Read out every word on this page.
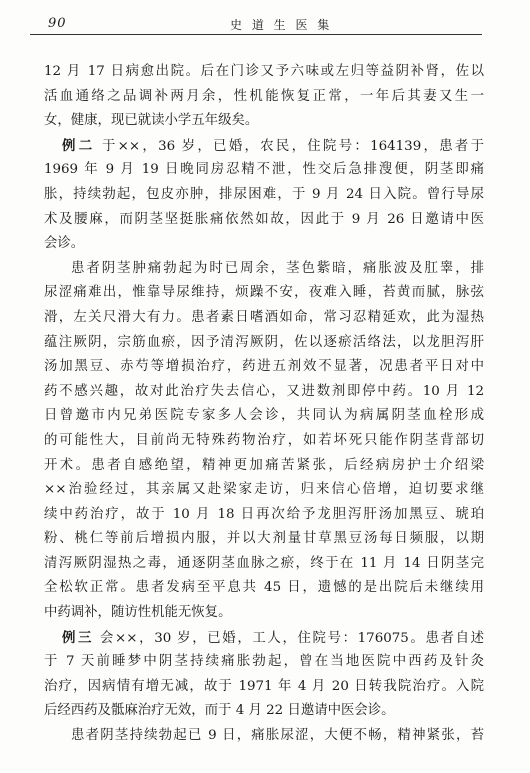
90	史 道 生 医 集
12 月 17 日病愈出院。后在门诊又予六味或左归等益阴补肾，佐以
活血通络之品调补两月余，性机能恢复正常，一年后其妻又生一
女，健康，现已就读小学五年级矣。
例二 于××，36 岁，已婚，农民，住院号：164139，患者于
1969 年 9 月 19 日晚同房忍精不泄，性交后急排溲便，阴茎即痛
胀，持续勃起，包皮亦肿，排尿困难，于 9 月 24 日入院。曾行导尿
术及腰麻，而阴茎坚挺胀痛依然如故，因此于 9 月 26 日邀请中医
会诊。
患者阴茎肿痛勃起为时已周余，茎色紫暗，痛胀波及肛睾，排
尿涩痛难出，惟靠导尿维持，烦躁不安，夜难入睡，苔黄而腻，脉弦
滑，左关尺滑大有力。患者素日嗜酒如命，常习忍精延欢，此为湿热
蕴注厥阴，宗筋血瘀，因予清泻厥阴，佐以逐瘀活络法，以龙胆泻肝
汤加黑豆、赤芍等增损治疗，药进五剂效不显著，况患者平日对中
药不感兴趣，故对此治疗失去信心，又进数剂即停中药。10 月 12
日曾邀市内兄弟医院专家多人会诊，共同认为病属阴茎血栓形成
的可能性大，目前尚无特殊药物治疗，如若坏死只能作阴茎背部切
开术。患者自感绝望，精神更加痛苦紧张，后经病房护士介绍梁
××治验经过，其亲属又赴梁家走访，归来信心倍增，迫切要求继
续中药治疗，故于 10 月 18 日再次给予龙胆泻肝汤加黑豆、琥珀
粉、桃仁等前后增损内服，并以大剂量甘草黑豆汤每日频服，以期
清泻厥阴湿热之毒，通逐阴茎血脉之瘀，终于在 11 月 14 日阴茎完
全松软正常。患者发病至平息共 45 日，遗憾的是出院后未继续用
中药调补，随访性机能无恢复。
例三 会××，30 岁，已婚，工人，住院号：176075。患者自述
于 7 天前睡梦中阴茎持续痛胀勃起，曾在当地医院中西药及针灸
治疗，因病情有增无减，故于 1971 年 4 月 20 日转我院治疗。入院
后经西药及骶麻治疗无效，而于 4 月 22 日邀请中医会诊。
患者阴茎持续勃起已 9 日，痛胀尿涩，大便不畅，精神紧张，苔
